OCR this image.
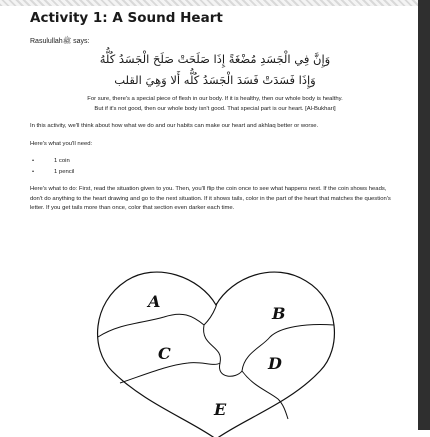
Activity 1: A Sound Heart
Rasulullahﷺ says:
وَإِنَّ فِي الْجَسَدِ مُضْغَةً إِذَا صَلَحَتْ صَلَحَ الْجَسَدُ كُلُّهُ
وَإِذَا فَسَدَتْ فَسَدَ الْجَسَدُ كُلُّه أَلا وَهِيَ القلب
For sure, there's a special piece of flesh in our body. If it is healthy, then our whole body is healthy.
But if it's not good, then our whole body isn't good. That special part is our heart. [Al-Bukhari]

In this activity, we'll think about how what we do and our habits can make our heart and akhlaq better or worse.

Here's what you'll need:
•	1 coin
•	1 pencil

Here's what to do: First, read the situation given to you. Then, you'll flip the coin once to see what happens next. If the coin shows heads, don't do anything to the heart drawing and go to the next situation. If it shows tails, color in the part of the heart that matches the question's letter. If you get tails more than once, color that section even darker each time.

A
B
C
D
E
